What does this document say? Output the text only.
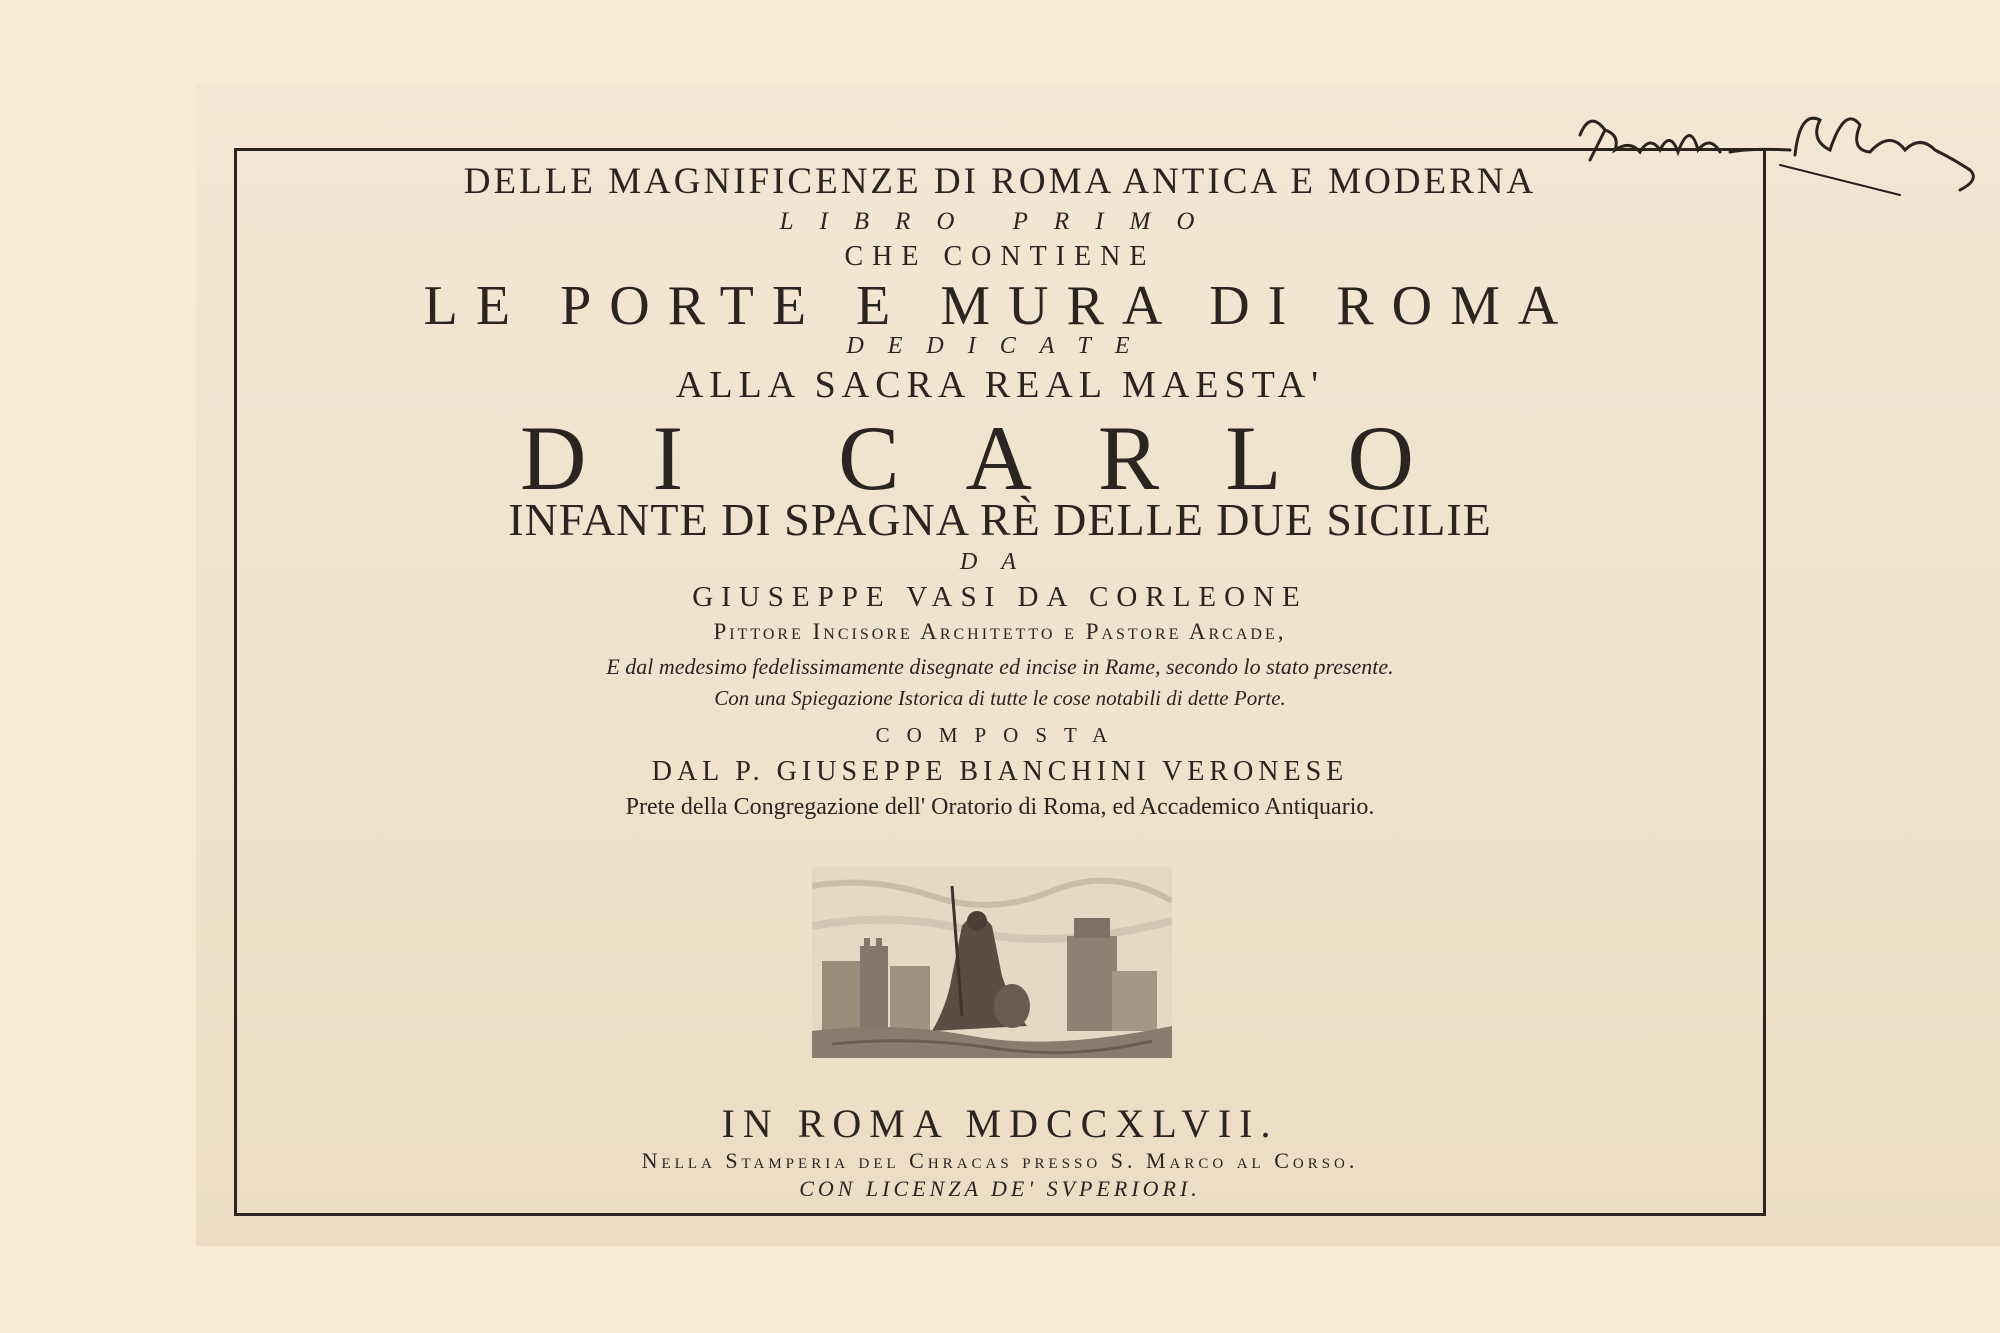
DELLE MAGNIFICENZE DI ROMA ANTICA E MODERNA
LIBRO PRIMO
CHE CONTIENE
LE PORTE E MURA DI ROMA
DEDICATE
ALLA SACRA REAL MAESTA'
DI CARLO
INFANTE DI SPAGNA RÈ DELLE DUE SICILIE
DA
GIUSEPPE VASI DA CORLEONE
Pittore Incisore Architetto e Pastore Arcade,
E dal medesimo fedelissimamente disegnate ed incise in Rame, secondo lo stato presente.
Con una Spiegazione Istorica di tutte le cose notabili di dette Porte.
COMPOSTA
DAL P. GIUSEPPE BIANCHINI VERONESE
Prete della Congregazione dell' Oratorio di Roma, ed Accademico Antiquario.
IN ROMA MDCCXLVII.
Nella Stamperia del Chracas presso S. Marco al Corso.
CON LICENZA DE' SVPERIORI.
